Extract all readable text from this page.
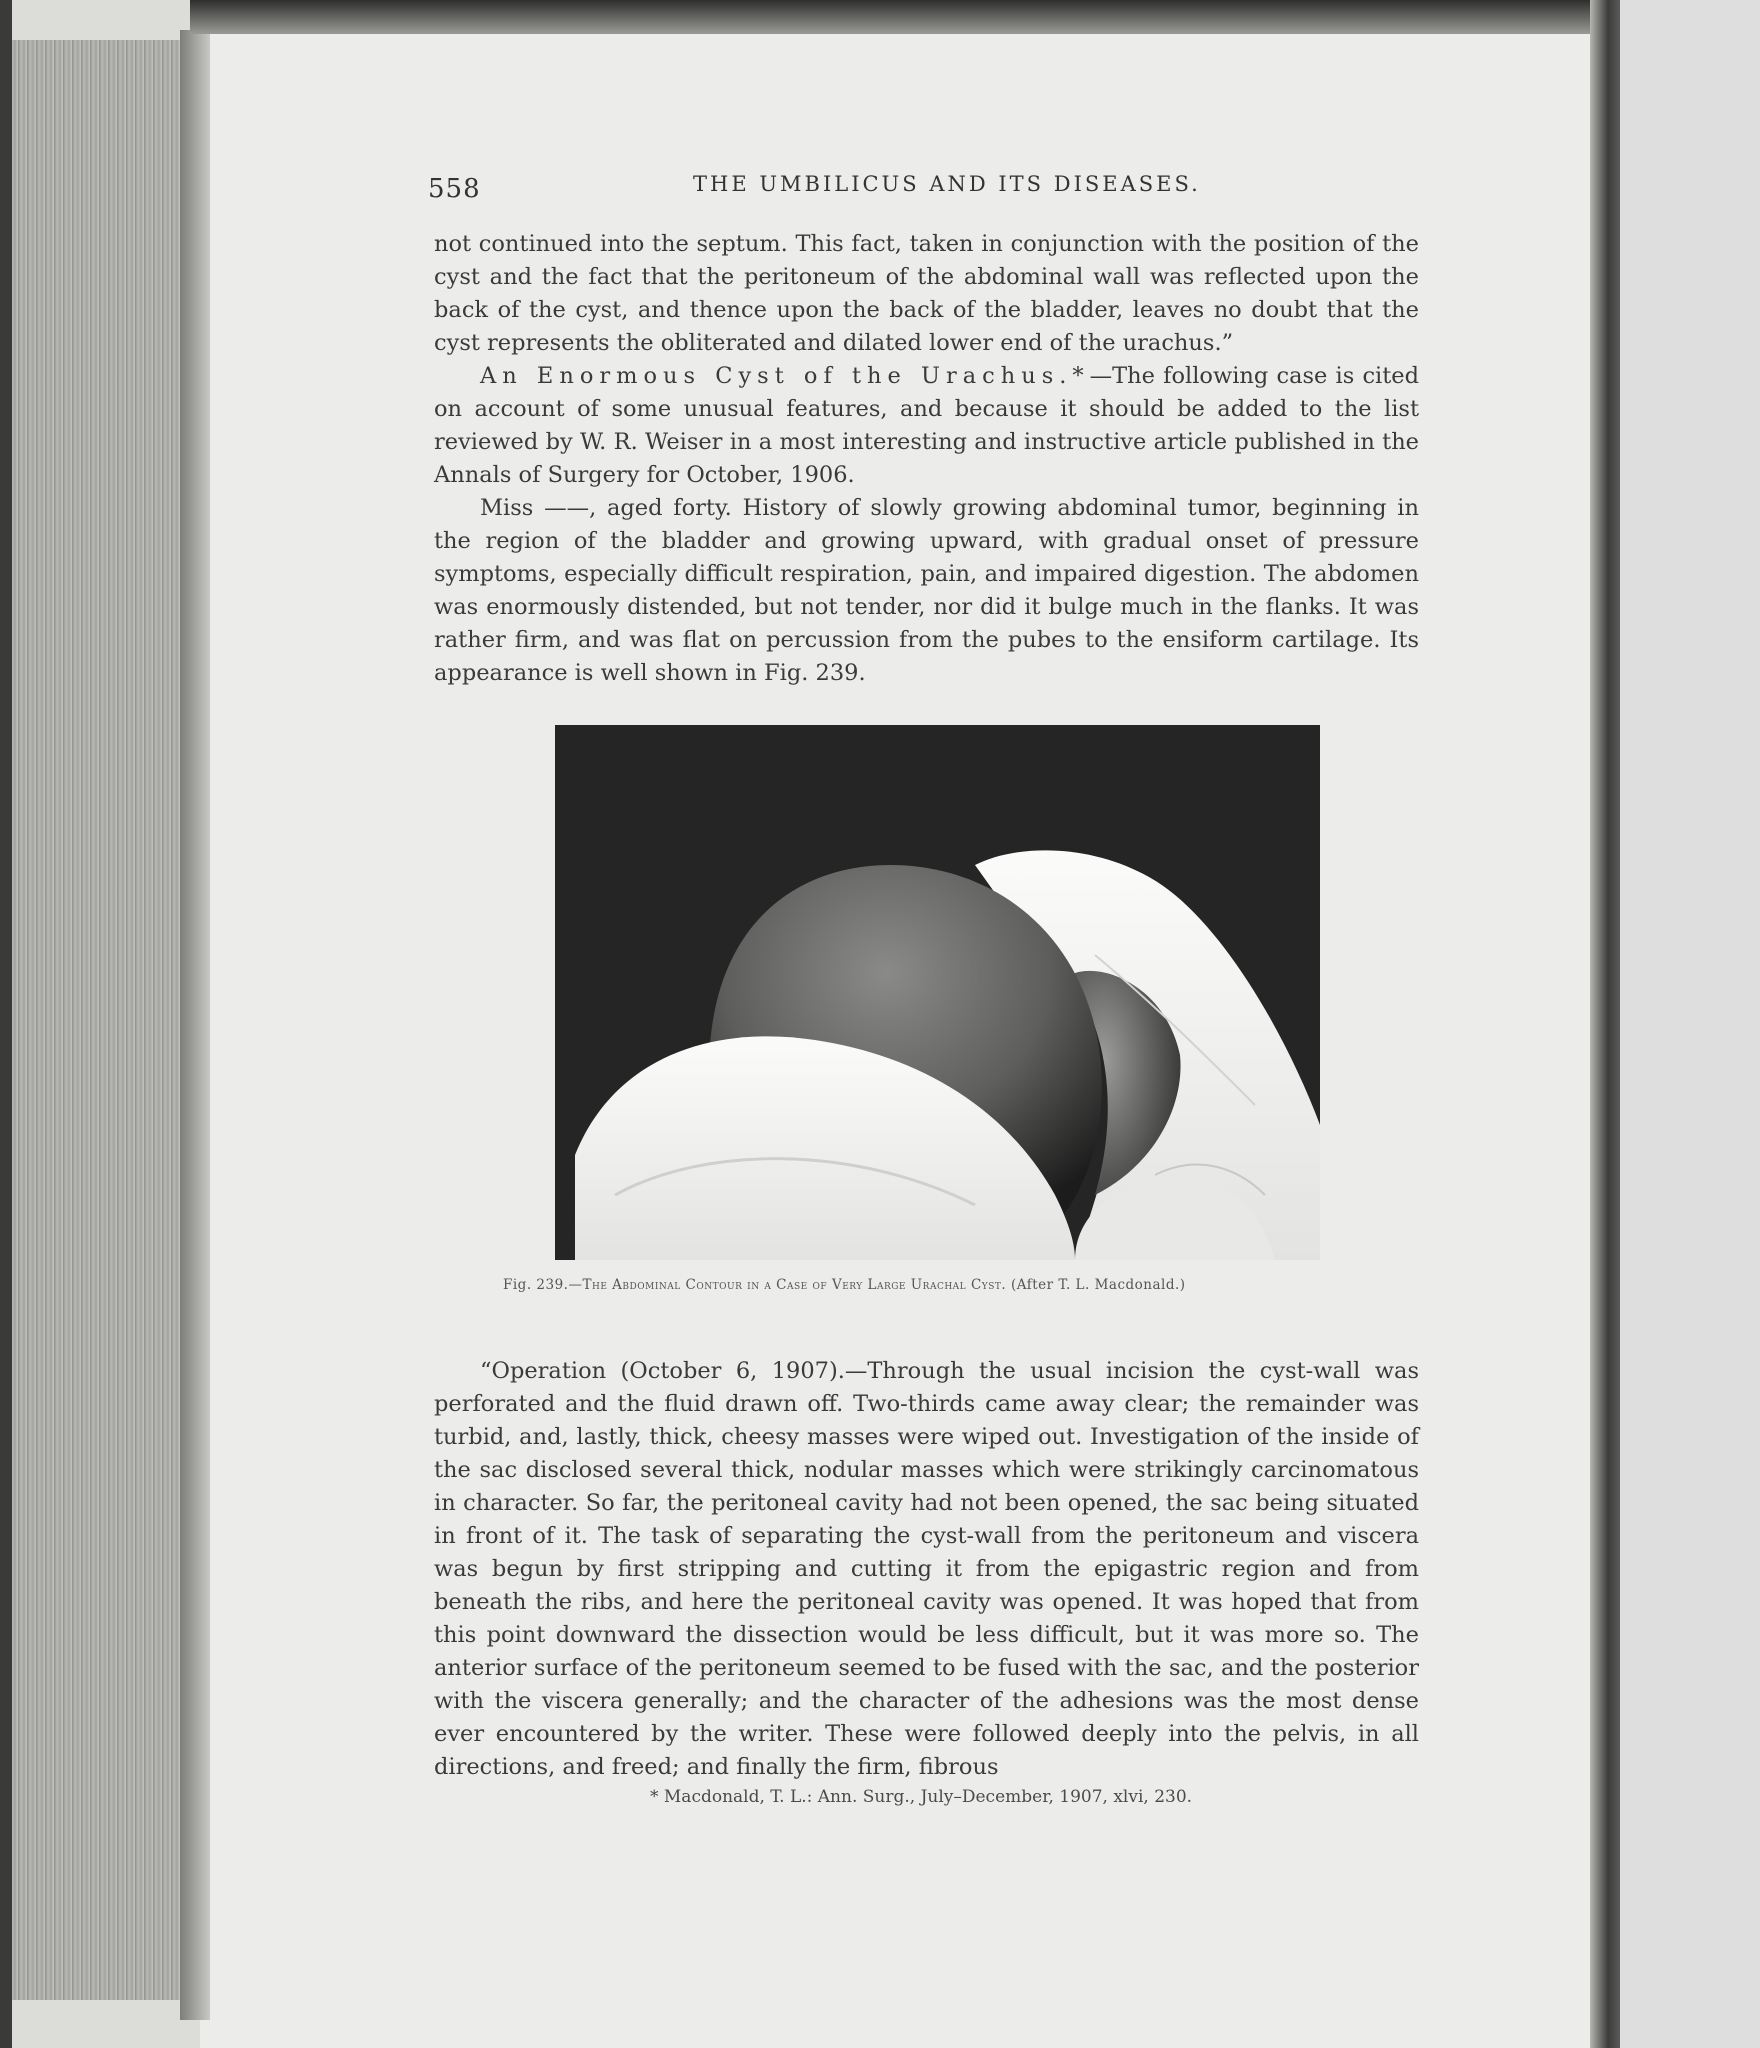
558	THE UMBILICUS AND ITS DISEASES.

not continued into the septum. This fact, taken in conjunction with the position of the cyst and the fact that the peritoneum of the abdominal wall was reflected upon the back of the cyst, and thence upon the back of the bladder, leaves no doubt that the cyst represents the obliterated and dilated lower end of the urachus.”

An Enormous Cyst of the Urachus.*—The following case is cited on account of some unusual features, and because it should be added to the list reviewed by W. R. Weiser in a most interesting and instructive article published in the Annals of Surgery for October, 1906.

Miss ——, aged forty. History of slowly growing abdominal tumor, beginning in the region of the bladder and growing upward, with gradual onset of pressure symptoms, especially difficult respiration, pain, and impaired digestion. The abdomen was enormously distended, but not tender, nor did it bulge much in the flanks. It was rather firm, and was flat on percussion from the pubes to the ensiform cartilage. Its appearance is well shown in Fig. 239.

Fig. 239.—The Abdominal Contour in a Case of Very Large Urachal Cyst. (After T. L. Macdonald.)

“Operation (October 6, 1907).—Through the usual incision the cyst-wall was perforated and the fluid drawn off. Two-thirds came away clear; the remainder was turbid, and, lastly, thick, cheesy masses were wiped out. Investigation of the inside of the sac disclosed several thick, nodular masses which were strikingly carcinomatous in character. So far, the peritoneal cavity had not been opened, the sac being situated in front of it. The task of separating the cyst-wall from the peritoneum and viscera was begun by first stripping and cutting it from the epigastric region and from beneath the ribs, and here the peritoneal cavity was opened. It was hoped that from this point downward the dissection would be less difficult, but it was more so. The anterior surface of the peritoneum seemed to be fused with the sac, and the posterior with the viscera generally; and the character of the adhesions was the most dense ever encountered by the writer. These were followed deeply into the pelvis, in all directions, and freed; and finally the firm, fibrous

* Macdonald, T. L.: Ann. Surg., July–December, 1907, xlvi, 230.
